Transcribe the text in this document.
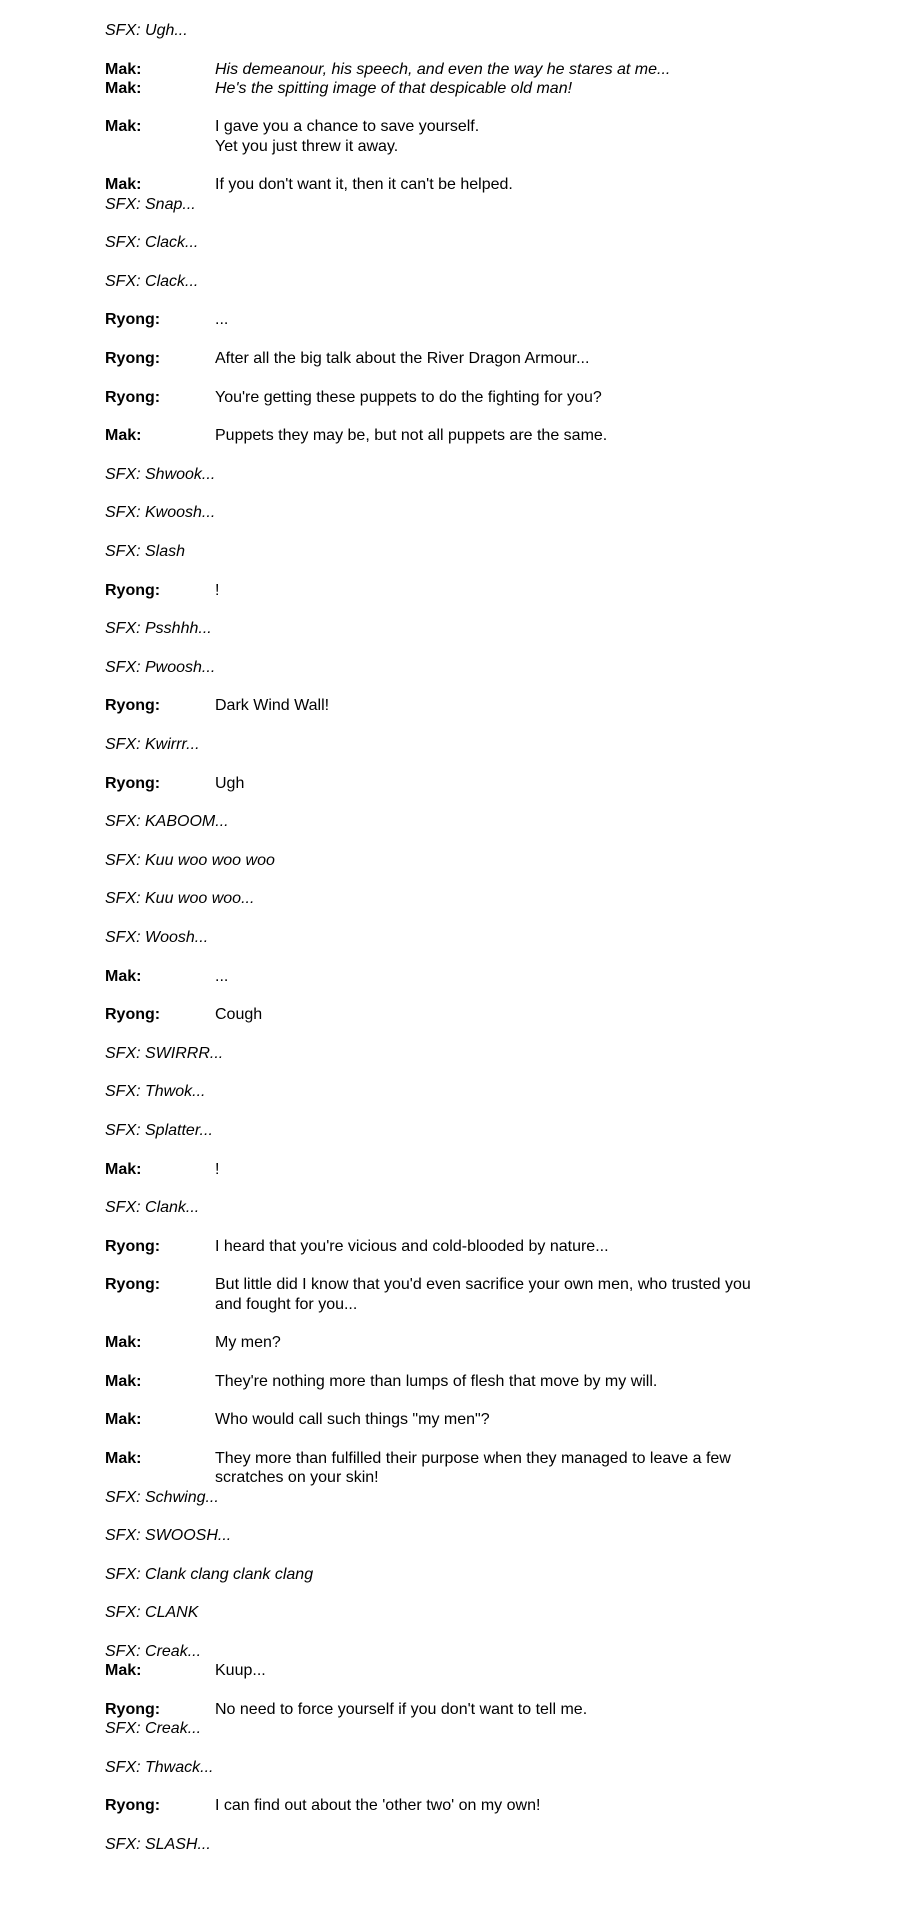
SFX: Ugh...
Mak:	His demeanour, his speech, and even the way he stares at me...
Mak:	He's the spitting image of that despicable old man!
Mak:	I gave you a chance to save yourself.
Yet you just threw it away.
Mak:	If you don't want it, then it can't be helped.
SFX: Snap...
SFX: Clack...
SFX: Clack...
Ryong:	...
Ryong:	After all the big talk about the River Dragon Armour...
Ryong:	You're getting these puppets to do the fighting for you?
Mak:	Puppets they may be, but not all puppets are the same.
SFX: Shwook...
SFX: Kwoosh...
SFX: Slash
Ryong:	!
SFX: Psshhh...
SFX: Pwoosh...
Ryong:	Dark Wind Wall!
SFX: Kwirrr...
Ryong:	Ugh
SFX: KABOOM...
SFX: Kuu woo woo woo
SFX: Kuu woo woo...
SFX: Woosh...
Mak:	...
Ryong:	Cough
SFX: SWIRRR...
SFX: Thwok...
SFX: Splatter...
Mak:	!
SFX: Clank...
Ryong:	I heard that you're vicious and cold-blooded by nature...
Ryong:	But little did I know that you'd even sacrifice your own men, who trusted you
and fought for you...
Mak:	My men?
Mak:	They're nothing more than lumps of flesh that move by my will.
Mak:	Who would call such things "my men"?
Mak:	They more than fulfilled their purpose when they managed to leave a few
scratches on your skin!
SFX: Schwing...
SFX: SWOOSH...
SFX: Clank clang clank clang
SFX: CLANK
SFX: Creak...
Mak:	Kuup...
Ryong:	No need to force yourself if you don't want to tell me.
SFX: Creak...
SFX: Thwack...
Ryong:	I can find out about the 'other two' on my own!
SFX: SLASH...
